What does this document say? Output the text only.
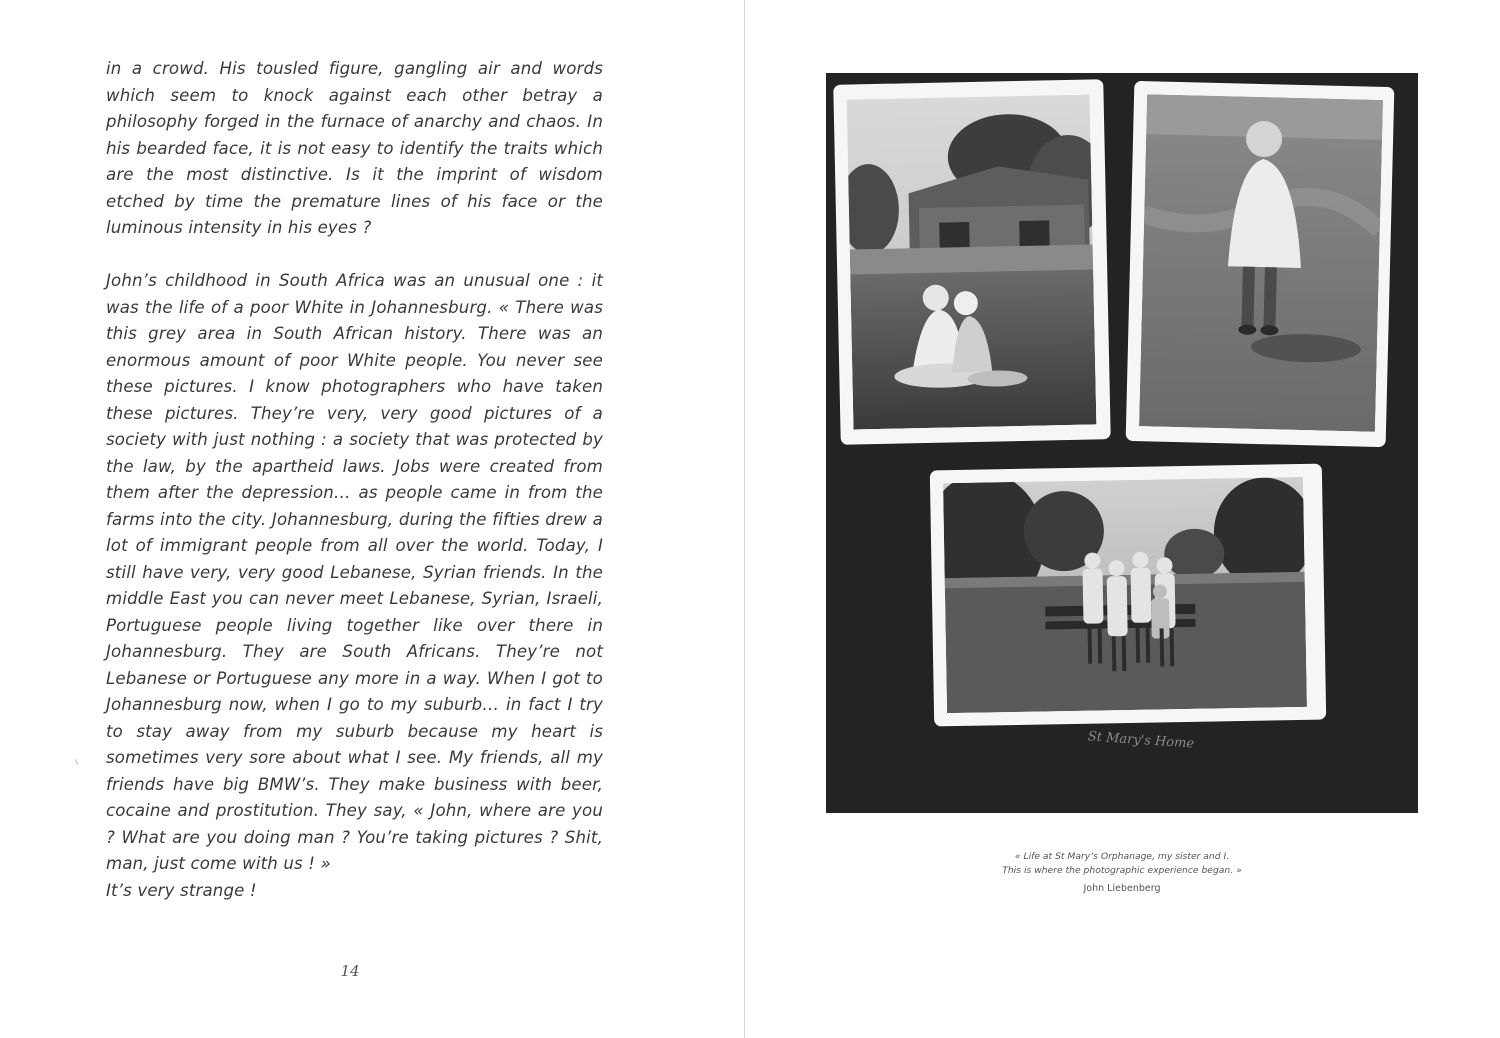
in a crowd. His tousled figure, gangling air and words which seem to knock against each other betray a philosophy forged in the furnace of anarchy and chaos. In his bearded face, it is not easy to identify the traits which are the most distinctive. Is it the imprint of wisdom etched by time the premature lines of his face or the luminous intensity in his eyes ?

John’s childhood in South Africa was an unusual one : it was the life of a poor White in Johannesburg. « There was this grey area in South African history. There was an enormous amount of poor White people. You never see these pictures. I know photographers who have taken these pictures. They’re very, very good pictures of a society with just nothing : a society that was protected by the law, by the apartheid laws. Jobs were created from them after the depression… as people came in from the farms into the city. Johannesburg, during the fifties drew a lot of immigrant people from all over the world. Today, I still have very, very good Lebanese, Syrian friends. In the middle East you can never meet Lebanese, Syrian, Israeli, Portuguese people living together like over there in Johannesburg. They are South Africans. They’re not Lebanese or Portuguese any more in a way. When I got to Johannesburg now, when I go to my suburb… in fact I try to stay away from my suburb because my heart is sometimes very sore about what I see. My friends, all my friends have big BMW’s. They make business with beer, cocaine and prostitution. They say, « John, where are you ? What are you doing man ? You’re taking pictures ? Shit, man, just come with us ! »

It’s very strange !

14
St Mary's Home

« Life at St Mary’s Orphanage, my sister and I.

This is where the photographic experience began. »

John Liebenberg
